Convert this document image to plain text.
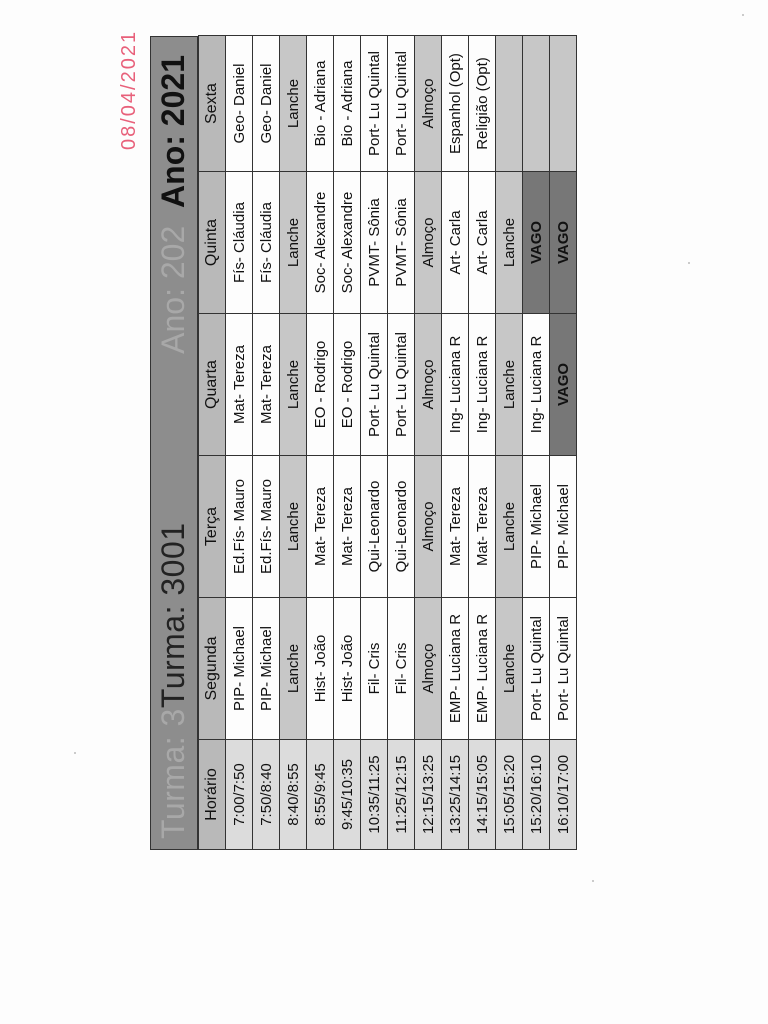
08/04/2021
Turma: 3Turma: 3001
Ano: 202  Ano: 2021
Horário	Segunda	Terça	Quarta	Quinta	Sexta
7:00/7:50	PIP- Michael	Ed.Fís- Mauro	Mat- Tereza	Fís- Cláudia	Geo- Daniel
7:50/8:40	PIP- Michael	Ed.Fís- Mauro	Mat- Tereza	Fís- Cláudia	Geo- Daniel
8:40/8:55	Lanche	Lanche	Lanche	Lanche	Lanche
8:55/9:45	Hist- João	Mat- Tereza	EO - Rodrigo	Soc- Alexandre	Bio - Adriana
9:45/10:35	Hist- João	Mat- Tereza	EO - Rodrigo	Soc- Alexandre	Bio - Adriana
10:35/11:25	Fil- Cris	Qui-Leonardo	Port- Lu Quintal	PVMT- Sônia	Port- Lu Quintal
11:25/12:15	Fil- Cris	Qui-Leonardo	Port- Lu Quintal	PVMT- Sônia	Port- Lu Quintal
12:15/13:25	Almoço	Almoço	Almoço	Almoço	Almoço
13:25/14:15	EMP- Luciana R	Mat- Tereza	Ing- Luciana R	Art- Carla	Espanhol (Opt)
14:15/15:05	EMP- Luciana R	Mat- Tereza	Ing- Luciana R	Art- Carla	Religião (Opt)
15:05/15:20	Lanche	Lanche	Lanche	Lanche	
15:20/16:10	Port- Lu Quintal	PIP- Michael	Ing- Luciana R	VAGO	
16:10/17:00	Port- Lu Quintal	PIP- Michael	VAGO	VAGO	
